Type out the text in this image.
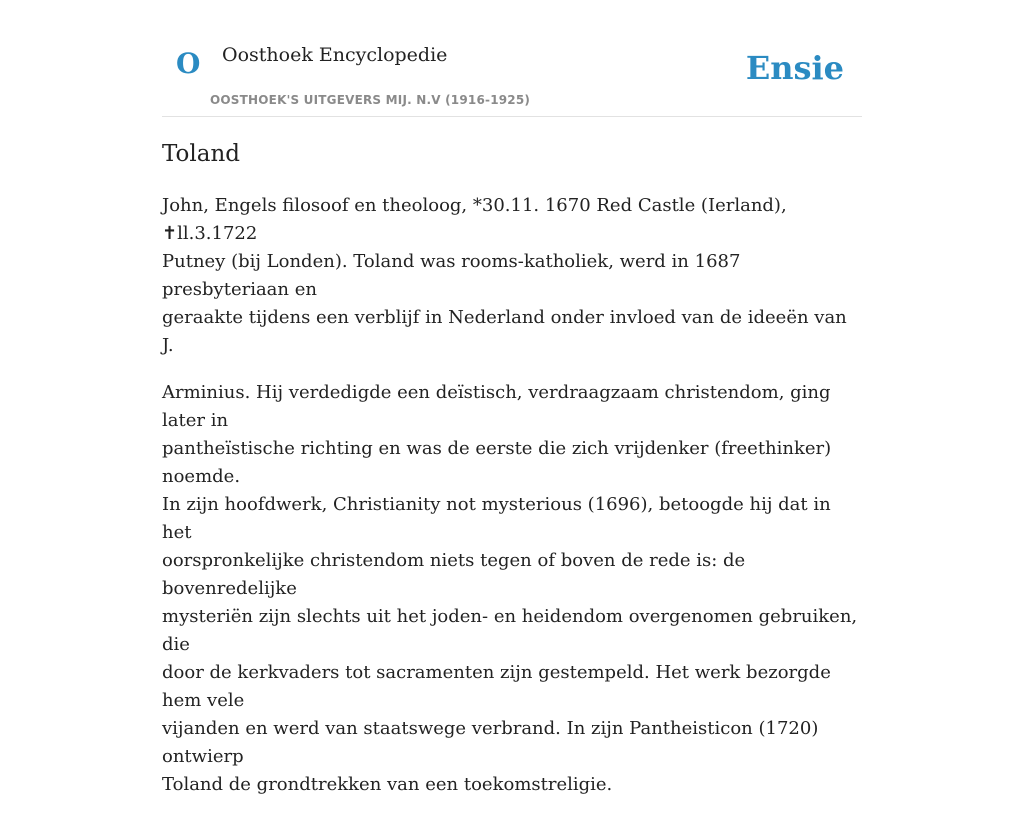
O Oosthoek Encyclopedie
OOSTHOEK'S UITGEVERS MIJ. N.V (1916-1925)
Ensie
Toland

John, Engels filosoof en theoloog, *30.11. 1670 Red Castle (Ierland), ✝ll.3.1722
Putney (bij Londen). Toland was rooms-katholiek, werd in 1687 presbyteriaan en
geraakte tijdens een verblijf in Nederland onder invloed van de ideeën van J.

Arminius. Hij verdedigde een deïstisch, verdraagzaam christendom, ging later in
pantheïstische richting en was de eerste die zich vrijdenker (freethinker) noemde.
In zijn hoofdwerk, Christianity not mysterious (1696), betoogde hij dat in het
oorspronkelijke christendom niets tegen of boven de rede is: de bovenredelijke
mysteriën zijn slechts uit het joden- en heidendom overgenomen gebruiken, die
door de kerkvaders tot sacramenten zijn gestempeld. Het werk bezorgde hem vele
vijanden en werd van staatswege verbrand. In zijn Pantheisticon (1720) ontwierp
Toland de grondtrekken van een toekomstreligie.
